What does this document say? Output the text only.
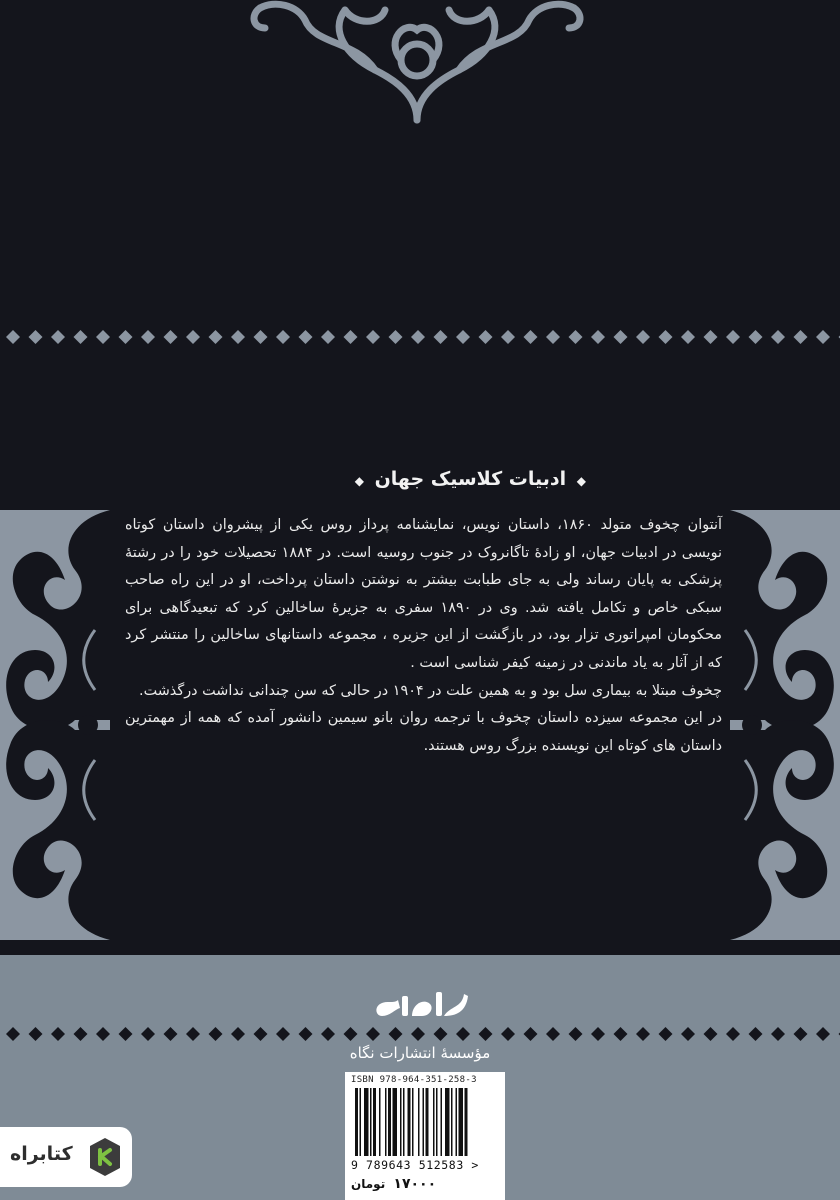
◆ ادبیات کلاسیک جهان ◆

آنتوان چخوف متولد ۱۸۶۰، داستان نویس، نمایشنامه پرداز روس یکی از پیشروان داستان کوتاه نویسی در ادبیات جهان، او زادهٔ تاگانروک در جنوب روسیه است. در ۱۸۸۴ تحصیلات خود را در رشتهٔ پزشکی به پایان رساند ولی به جای طبابت بیشتر به نوشتن داستان پرداخت، او در این راه صاحب سبکی خاص و تکامل یافته شد. وی در ۱۸۹۰ سفری به جزیرهٔ ساخالین کرد که تبعیدگاهی برای محکومان امپراتوری تزار بود، در بازگشت از این جزیره ، مجموعه داستانهای ساخالین را منتشر کرد که از آثار به یاد ماندنی در زمینه کیفر شناسی است .

چخوف مبتلا به بیماری سل بود و به همین علت در ۱۹۰۴ در حالی که سن چندانی نداشت درگذشت.

در این مجموعه سیزده داستان چخوف با ترجمه روان بانو سیمین دانشور آمده که همه از مهمترین داستان های کوتاه این نویسنده بزرگ روس هستند.

مؤسسهٔ انتشارات نگاه
ISBN 978-964-351-258-3
9 789643 512583 >
۱۷۰۰۰ تومان
کتابراه
